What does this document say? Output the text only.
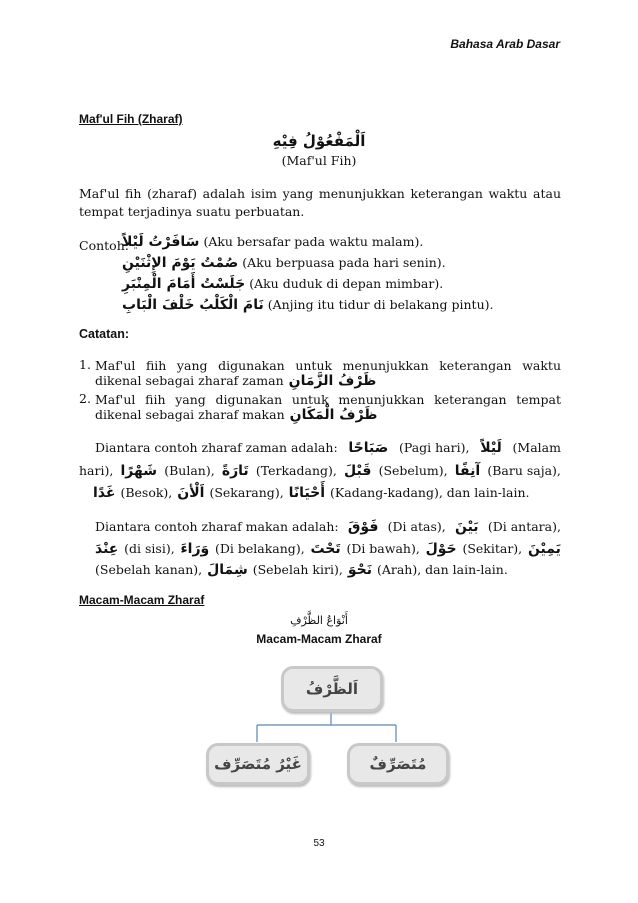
Bahasa Arab Dasar
Maf'ul Fih (Zharaf)
اَلْمَفْعُوْلُ فِيْهِ
(Maf'ul Fih)
Maf'ul fih (zharaf) adalah isim yang menunjukkan keterangan waktu atau tempat terjadinya suatu perbuatan.
Contoh:
سَافَرْتُ لَيْلاً (Aku bersafar pada waktu malam).
صُمْتُ يَوْمَ الإِثْنَيْنِ (Aku berpuasa pada hari senin).
جَلَسْتُ أَمَامَ الْمِنْبَرِ (Aku duduk di depan mimbar).
نَامَ الْكَلْبُ خَلْفَ الْبَابِ (Anjing itu tidur di belakang pintu).
Catatan:
1. Maf'ul fiih yang digunakan untuk menunjukkan keterangan waktu
dikenal sebagai zharaf zaman ظَرْفُ الزَّمَانِ
2. Maf'ul fiih yang digunakan untuk menunjukkan keterangan tempat
dikenal sebagai zharaf makan ظَرْفُ الْمَكَانِ
Diantara contoh zharaf zaman adalah: صَبَاحًا (Pagi hari), لَيْلاً (Malam
hari), شَهْرًا (Bulan), تَارَةً (Terkadang), قَبْلَ (Sebelum), آنِفًا (Baru saja),
غَدًا (Besok), اَلْأنَ (Sekarang), أَحْيَانًا (Kadang-kadang), dan lain-lain.
Diantara contoh zharaf makan adalah: فَوْقَ (Di atas), بَيْنَ (Di antara),
عِنْدَ (di sisi), وَرَاءَ (Di belakang), تَحْتَ (Di bawah), حَوْلَ (Sekitar), يَمِيْنَ
(Sebelah kanan), شِمَالَ (Sebelah kiri), نَحْوَ (Arah), dan lain-lain.
Macam-Macam Zharaf
أَنْوَاعُ الظَّرْفِ
Macam-Macam Zharaf
اَلظَّرْفُ
غَيْرُ مُتَصَرِّف	مُتَصَرِّفٌ
53
